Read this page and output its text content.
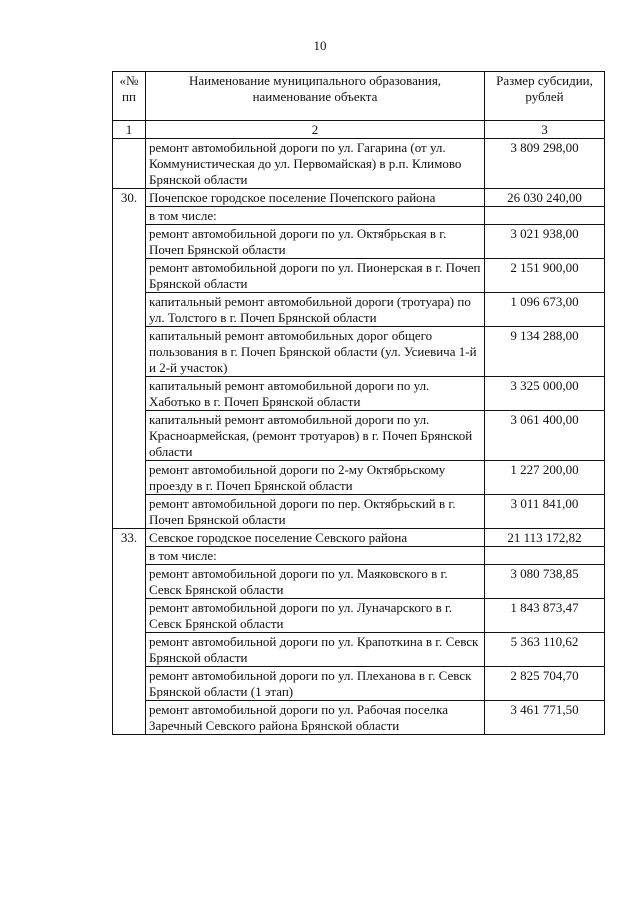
10
«№ пп	Наименование муниципального образования, наименование объекта	Размер субсидии, рублей
1	2	3
	ремонт автомобильной дороги по ул. Гагарина (от ул. Коммунистическая до ул. Первомайская) в р.п. Климово Брянской области	3 809 298,00
30.	Почепское городское поселение Почепского района	26 030 240,00
	в том числе:	
	ремонт автомобильной дороги по ул. Октябрьская в г. Почеп Брянской области	3 021 938,00
	ремонт автомобильной дороги по ул. Пионерская в г. Почеп Брянской области	2 151 900,00
	капитальный ремонт автомобильной дороги (тротуара) по ул. Толстого в г. Почеп Брянской области	1 096 673,00
	капитальный ремонт автомобильных дорог общего пользования в г. Почеп Брянской области (ул. Усиевича 1-й и 2-й участок)	9 134 288,00
	капитальный ремонт автомобильной дороги по ул. Хаботько в г. Почеп Брянской области	3 325 000,00
	капитальный ремонт автомобильной дороги по ул. Красноармейская, (ремонт тротуаров) в г. Почеп Брянской области	3 061 400,00
	ремонт автомобильной дороги по 2-му Октябрьскому проезду в г. Почеп Брянской области	1 227 200,00
	ремонт автомобильной дороги по пер. Октябрьский в г. Почеп Брянской области	3 011 841,00
33.	Севское городское поселение Севского района	21 113 172,82
	в том числе:	
	ремонт автомобильной дороги по ул. Маяковского в г. Севск Брянской области	3 080 738,85
	ремонт автомобильной дороги по ул. Луначарского в г. Севск Брянской области	1 843 873,47
	ремонт автомобильной дороги по ул. Крапоткина в г. Севск Брянской области	5 363 110,62
	ремонт автомобильной дороги по ул. Плеханова в г. Севск Брянской области (1 этап)	2 825 704,70
	ремонт автомобильной дороги по ул. Рабочая поселка Заречный Севского района Брянской области	3 461 771,50
